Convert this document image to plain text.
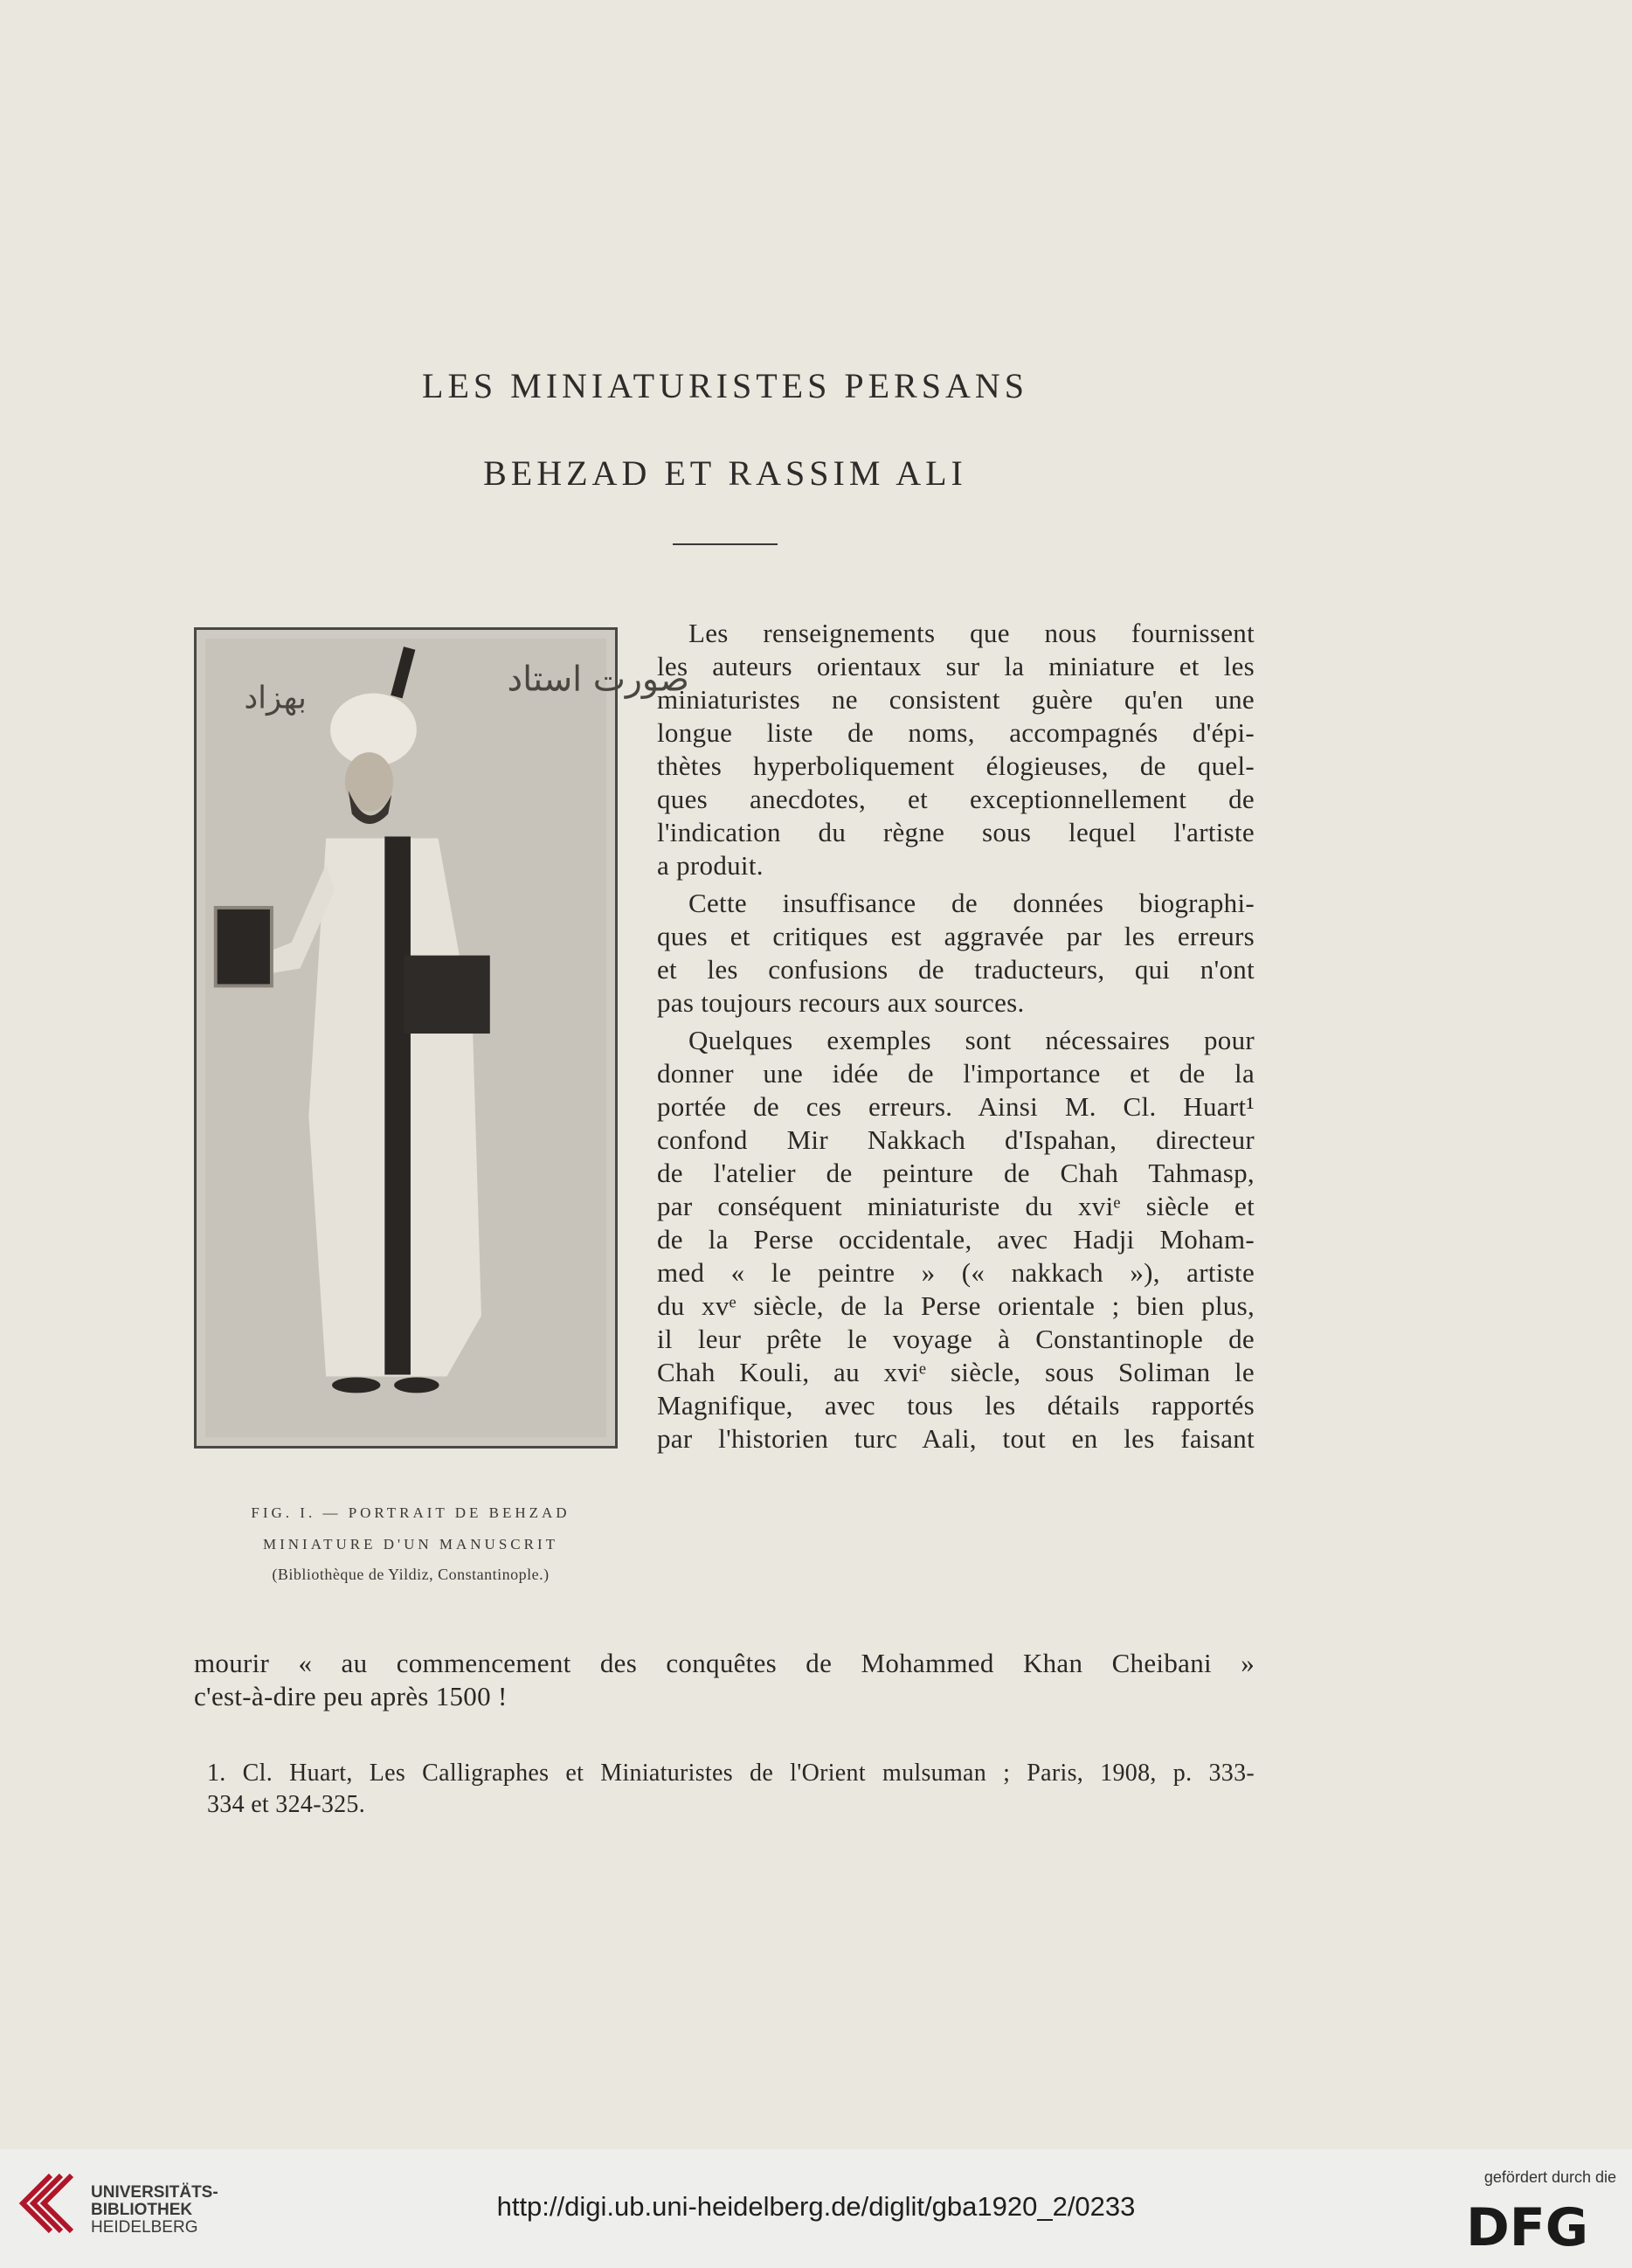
LES MINIATURISTES PERSANS
BEHZAD ET RASSIM ALI
صورت استاد
بهزاد
FIG. I. — PORTRAIT DE BEHZAD
MINIATURE D'UN MANUSCRIT
(Bibliothèque de Yildiz, Constantinople.)
Les renseignements que nous fournissent
les auteurs orientaux sur la miniature et les
miniaturistes ne consistent guère qu'en une
longue liste de noms, accompagnés d'épi-
thètes hyperboliquement élogieuses, de quel-
ques anecdotes, et exceptionnellement de
l'indication du règne sous lequel l'artiste
a produit.
Cette insuffisance de données biographi-
ques et critiques est aggravée par les erreurs
et les confusions de traducteurs, qui n'ont
pas toujours recours aux sources.
Quelques exemples sont nécessaires pour
donner une idée de l'importance et de la
portée de ces erreurs. Ainsi M. Cl. Huart¹
confond Mir Nakkach d'Ispahan, directeur
de l'atelier de peinture de Chah Tahmasp,
par conséquent miniaturiste du xviᵉ siècle et
de la Perse occidentale, avec Hadji Moham-
med « le peintre » (« nakkach »), artiste
du xvᵉ siècle, de la Perse orientale ; bien plus,
il leur prête le voyage à Constantinople de
Chah Kouli, au xviᵉ siècle, sous Soliman le
Magnifique, avec tous les détails rapportés
par l'historien turc Aali, tout en les faisant
mourir « au commencement des conquêtes de Mohammed Khan Cheibani »
c'est-à-dire peu après 1500 !
1. Cl. Huart, Les Calligraphes et Miniaturistes de l'Orient mulsuman ; Paris, 1908, p. 333-
334 et 324-325.
UNIVERSITÄTS-
BIBLIOTHEK
HEIDELBERG
http://digi.ub.uni-heidelberg.de/diglit/gba1920_2/0233
gefördert durch die
DFG
